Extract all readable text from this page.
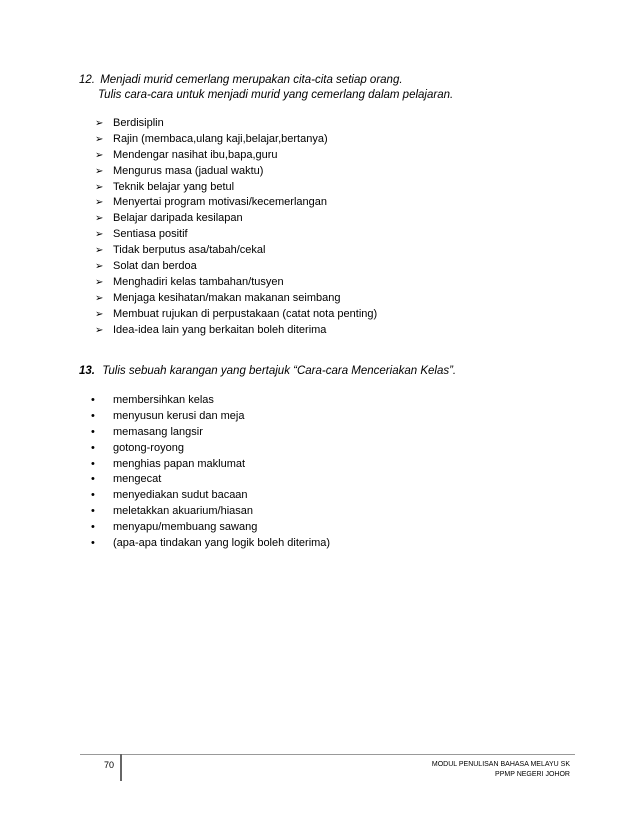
12. Menjadi murid cemerlang merupakan cita-cita setiap orang.
Tulis cara-cara untuk menjadi murid yang cemerlang dalam pelajaran.
➢ Berdisiplin
➢ Rajin (membaca,ulang kaji,belajar,bertanya)
➢ Mendengar nasihat ibu,bapa,guru
➢ Mengurus masa (jadual waktu)
➢ Teknik belajar yang betul
➢ Menyertai program motivasi/kecemerlangan
➢ Belajar daripada kesilapan
➢ Sentiasa positif
➢ Tidak berputus asa/tabah/cekal
➢ Solat dan berdoa
➢ Menghadiri kelas tambahan/tusyen
➢ Menjaga kesihatan/makan makanan seimbang
➢ Membuat rujukan di perpustakaan (catat nota penting)
➢ Idea-idea lain yang berkaitan boleh diterima
13. Tulis sebuah karangan yang bertajuk “Cara-cara Menceriakan Kelas”.
•	membersihkan kelas
•	menyusun kerusi dan meja
•	memasang langsir
•	gotong-royong
•	menghias papan maklumat
•	mengecat
•	menyediakan sudut bacaan
•	meletakkan akuarium/hiasan
•	menyapu/membuang sawang
•	(apa-apa tindakan yang logik boleh diterima)
70	MODUL PENULISAN BAHASA MELAYU SK
PPMP NEGERI JOHOR
